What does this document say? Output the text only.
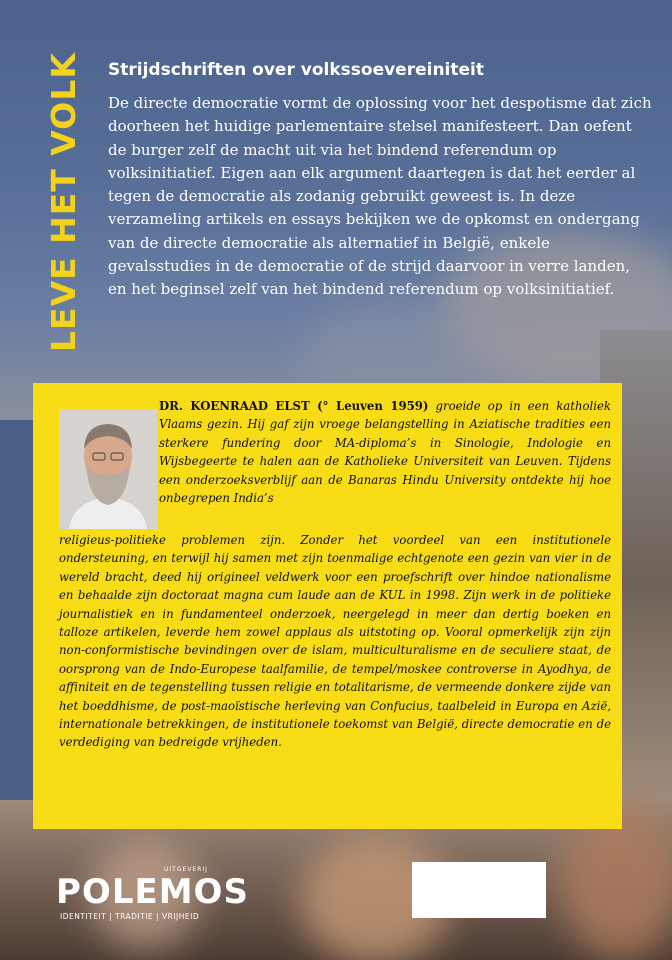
LEVE HET VOLK Strijdschriften over volkssoevereiniteit

De directe democratie vormt de oplossing voor het despotisme dat zich doorheen het huidige parlementaire stelsel manifesteert. Dan oefent de burger zelf de macht uit via het bindend referendum op volksinitiatief. Eigen aan elk argument daartegen is dat het eerder al tegen de democratie als zodanig gebruikt geweest is. In deze verzameling artikels en essays bekijken we de opkomst en ondergang van de directe democratie als alternatief in België, enkele gevalsstudies in de democratie of de strijd daarvoor in verre landen, en het beginsel zelf van het bindend referendum op volksinitiatief.

DR. KOENRAAD ELST (° Leuven 1959) groeide op in een katholiek Vlaams gezin. Hij gaf zijn vroege belangstelling in Aziatische tradities een sterkere fundering door MA-diploma’s in Sinologie, Indologie en Wijsbegeerte te halen aan de Katholieke Universiteit van Leuven. Tijdens een onderzoeksverblijf aan de Banaras Hindu University ontdekte hij hoe onbegrepen India’s

religieus-politieke problemen zijn. Zonder het voordeel van een institutionele ondersteuning, en terwijl hij samen met zijn toenmalige echtgenote een gezin van vier in de wereld bracht, deed hij origineel veldwerk voor een proefschrift over hindoe nationalisme en behaalde zijn doctoraat magna cum laude aan de KUL in 1998. Zijn werk in de politieke journalistiek en in fundamenteel onderzoek, neergelegd in meer dan dertig boeken en talloze artikelen, leverde hem zowel applaus als uitstoting op. Vooral opmerkelijk zijn zijn non-conformistische bevindingen over de islam, multiculturalisme en de seculiere staat, de oorsprong van de Indo-Europese taalfamilie, de tempel/moskee controverse in Ayodhya, de affiniteit en de tegenstelling tussen religie en totalitarisme, de vermeende donkere zijde van het boeddhisme, de post-maoïstische herleving van Confucius, taalbeleid in Europa en Azië, internationale betrekkingen, de institutionele toekomst van België, directe democratie en de verdediging van bedreigde vrijheden.

UITGEVERIJ
POLEMOS
IDENTITEIT | TRADITIE | VRIJHEID
